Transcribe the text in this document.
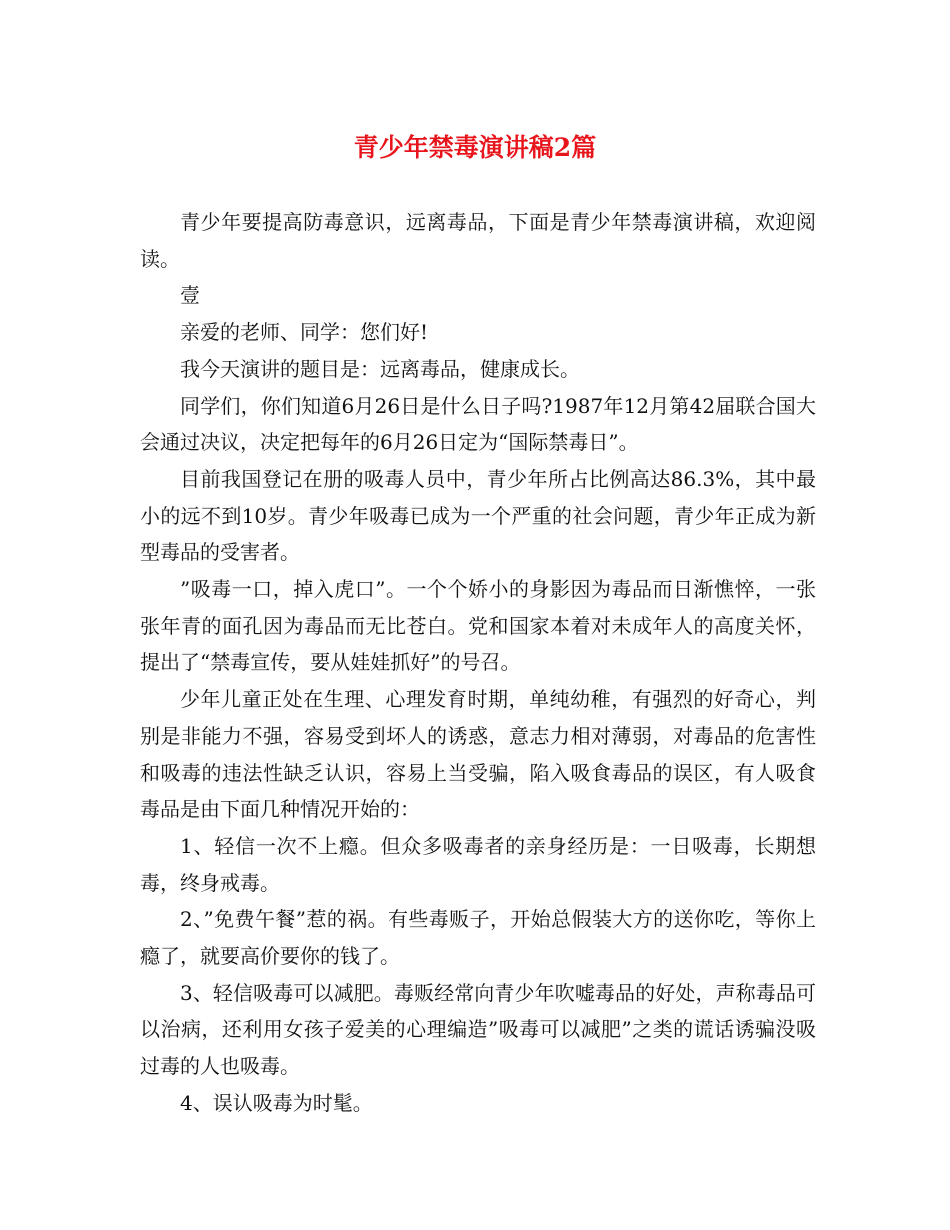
青少年禁毒演讲稿2篇

青少年要提高防毒意识，远离毒品，下面是青少年禁毒演讲稿，欢迎阅读。

壹

亲爱的老师、同学：您们好!

我今天演讲的题目是：远离毒品，健康成长。

同学们，你们知道6月26日是什么日子吗?1987年12月第42届联合国大会通过决议，决定把每年的6月26日定为“国际禁毒日”。

目前我国登记在册的吸毒人员中，青少年所占比例高达86.3%，其中最小的远不到10岁。青少年吸毒已成为一个严重的社会问题，青少年正成为新型毒品的受害者。

”吸毒一口，掉入虎口”。一个个娇小的身影因为毒品而日渐憔悴，一张张年青的面孔因为毒品而无比苍白。党和国家本着对未成年人的高度关怀，提出了“禁毒宣传，要从娃娃抓好”的号召。

少年儿童正处在生理、心理发育时期，单纯幼稚，有强烈的好奇心，判别是非能力不强，容易受到坏人的诱惑，意志力相对薄弱，对毒品的危害性和吸毒的违法性缺乏认识，容易上当受骗，陷入吸食毒品的误区，有人吸食毒品是由下面几种情况开始的：

1、轻信一次不上瘾。但众多吸毒者的亲身经历是：一日吸毒，长期想毒，终身戒毒。

2、”免费午餐”惹的祸。有些毒贩子，开始总假装大方的送你吃，等你上瘾了，就要高价要你的钱了。

3、轻信吸毒可以减肥。毒贩经常向青少年吹嘘毒品的好处，声称毒品可以治病，还利用女孩子爱美的心理编造”吸毒可以减肥”之类的谎话诱骗没吸过毒的人也吸毒。

4、误认吸毒为时髦。
